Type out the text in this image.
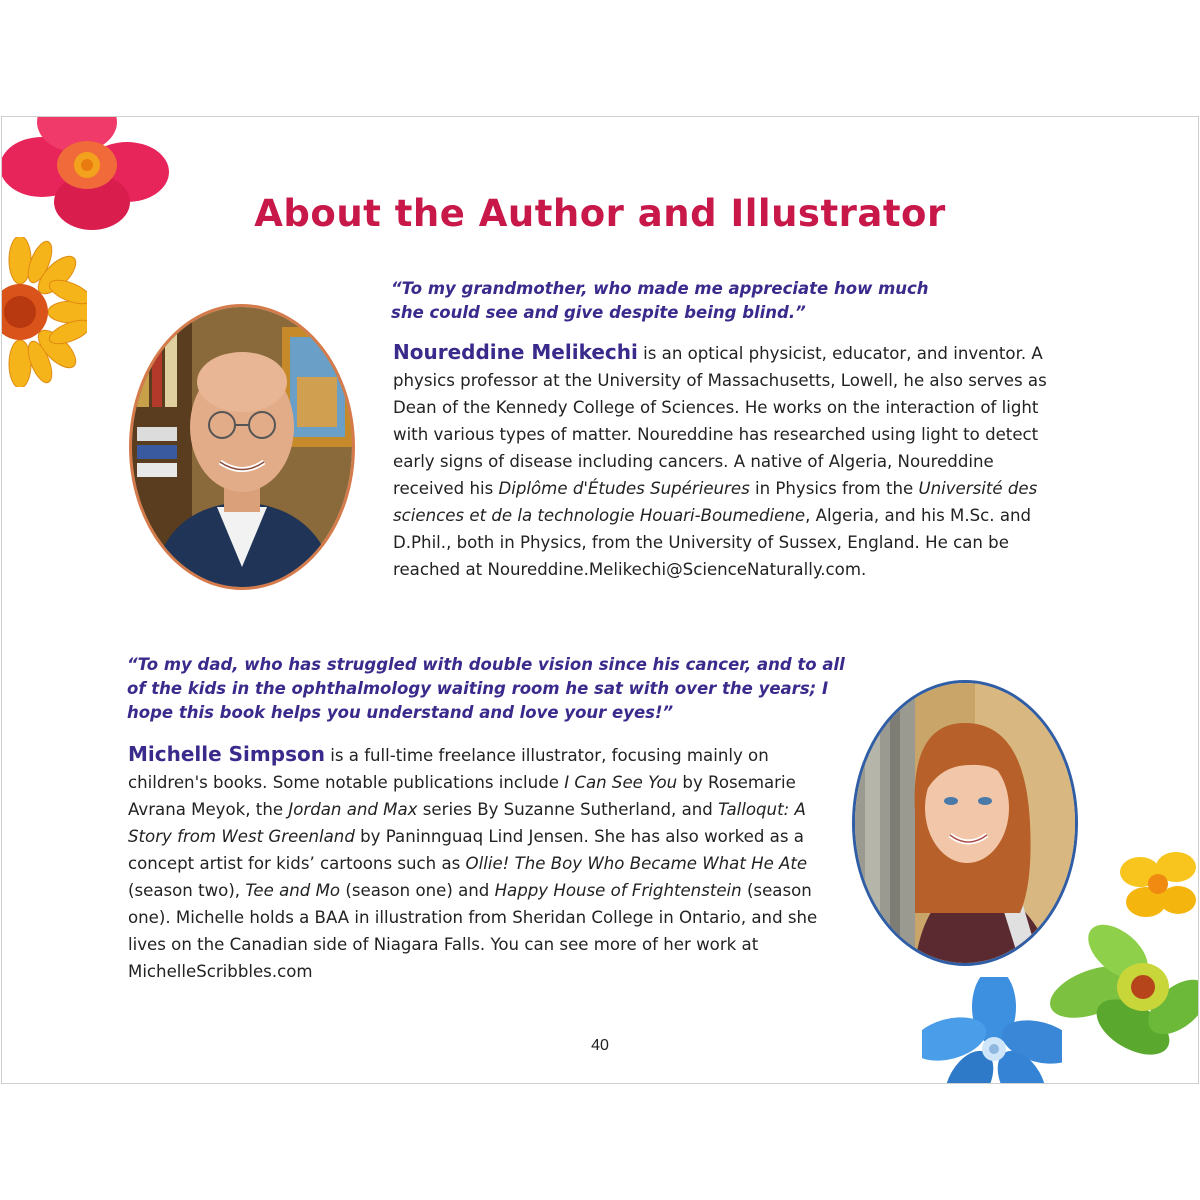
About the Author and Illustrator
“To my grandmother, who made me appreciate how much she could see and give despite being blind.”
Noureddine Melikechi is an optical physicist, educator, and inventor. A physics professor at the University of Massachusetts, Lowell, he also serves as Dean of the Kennedy College of Sciences. He works on the interaction of light with various types of matter. Noureddine has researched using light to detect early signs of disease including cancers. A native of Algeria, Noureddine received his Diplôme d'Études Supérieures in Physics from the Université des sciences et de la technologie Houari-Boumediene, Algeria, and his M.Sc. and D.Phil., both in Physics, from the University of Sussex, England. He can be reached at Noureddine.Melikechi@ScienceNaturally.com.
“To my dad, who has struggled with double vision since his cancer, and to all of the kids in the ophthalmology waiting room he sat with over the years; I hope this book helps you understand and love your eyes!”
Michelle Simpson is a full-time freelance illustrator, focusing mainly on children's books. Some notable publications include I Can See You by Rosemarie Avrana Meyok, the Jordan and Max series By Suzanne Sutherland, and Talloqut: A Story from West Greenland by Paninnguaq Lind Jensen. She has also worked as a concept artist for kids’ cartoons such as Ollie! The Boy Who Became What He Ate (season two), Tee and Mo (season one) and Happy House of Frightenstein (season one). Michelle holds a BAA in illustration from Sheridan College in Ontario, and she lives on the Canadian side of Niagara Falls. You can see more of her work at MichelleScribbles.com
40
